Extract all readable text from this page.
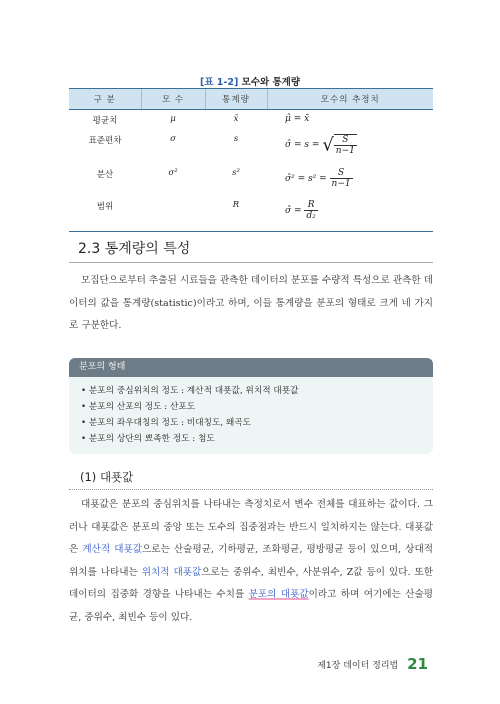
[표 1-2] 모수와 통계량
구 분	모 수	통계량	모수의 추정치
평균치	μ	x̄	μ̂ = x̄
표준편차	σ	s	σ̂ = s = √ $\frac{S}{n-1}$

분산	σ²	s²	σ̂² = $s^2 = \frac{S}{n-1}$

범위		R	σ̂ = $\frac{R}{\text{d₂}}$
2.3 통계량의 특성
모집단으로부터 추출된 시료들을 관측한 데이터의 분포를 수량적 특성으로 관측한 데이터의 값을 통계량(statistic)이라고 하며, 이들 통계량을 분포의 형태로 크게 네 가지로 구분한다.
분포의 형태
• 분포의 중심위치의 정도 : 계산적 대푯값, 위치적 대푯값
• 분포의 산포의 정도 : 산포도
• 분포의 좌우대칭의 정도 : 비대칭도, 왜곡도
• 분포의 상단의 뾰족한 정도 : 첨도
(1) 대푯값
대푯값은 분포의 중심위치를 나타내는 측정치로서 변수 전체를 대표하는 값이다. 그러나 대푯값은 분포의 중앙 또는 도수의 집중점과는 반드시 일치하지는 않는다. 대푯값은 계산적 대푯값으로는 산술평균, 기하평균, 조화평균, 평방평균 등이 있으며, 상대적 위치를 나타내는 위치적 대푯값으로는 중위수, 최빈수, 사분위수, Z값 등이 있다. 또한 데이터의 집중화 경향을 나타내는 수치를 분포의 대푯값이라고 하며 여기에는 산술평균, 중위수, 최빈수 등이 있다.
제1장 데이터 정리법 21
